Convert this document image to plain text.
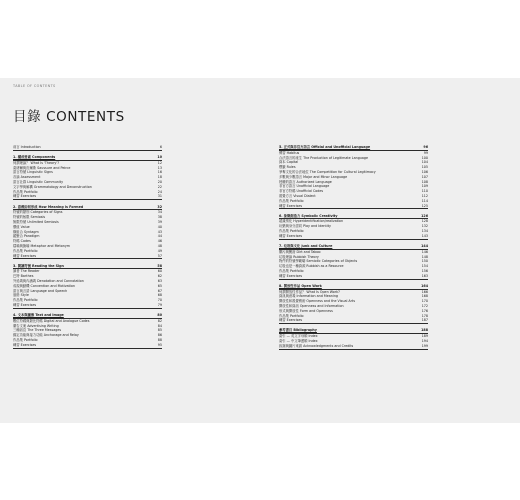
TABLE OF CONTENTS
目錄 CONTENTS
前言 Introduction	6
1. 構成要素 Components	10
何謂理論？ What Is 'Theory'?	12
索緒爾與皮爾斯 Saussure and Peirce	13
語言符號 Linguistic Signs	16
各論 Assessment	18
語言社群 Linguistic Community	20
文字學與解構 Grammatology and Deconstruction	22
作品集 Portfolio	24
練習 Exercises	31
2. 意義如何形成 How Meaning is Formed	32
符號的類別 Categories of Signs	34
符號的極限 Semiosis	38
無限符號 Unlimited Semiosis	39
價值 Value	40
橫組合 Syntagm	43
縱聚合 Paradigm	44
符碼 Codes	46
隱喻與換喻 Metaphor and Metonym	48
作品集 Portfolio	49
練習 Exercises	57
3. 閱讀符號 Reading the Sign	58
讀者 The Reader	60
巴特 Barthes	62
外延義與內涵義 Denotation and Connotation	63
成規與動機 Convention and Motivation	65
語言與言語 Language and Speech	67
風格 Style	68
作品集 Portfolio	70
練習 Exercises	79
4. 文本與圖像 Text and Image	80
數位符碼與類比符碼 Digital and Analogue Codes	82
廣告文案 Advertising Writing	84
三種訊息 The Three Messages	85
錨定功能與接力功能 Anchorage and Relay	86
作品集 Portfolio	88
練習 Exercises	95
5. 正式與非官方語言 Official and Unofficial Language	96
慣習 Habitus	99
合法語言的產生 The Production of Legitimate Language	100
資本 Capital	104
標籤 Rules	105
爭奪文化的合法地位 The Competition for Cultural Legitimacy	106
多數與少數語言 Major and Minor Language	107
授權的語言 Authorized Language	108
非官方語言 Unofficial Language	109
非官方符碼 Unofficial Codes	110
視覺方言 Visual Dialect	112
作品集 Portfolio	114
練習 Exercises	125
6. 象徵創造力 Symbolic Creativity	126
超識別化 Hyperidentification/realization	128
玩樂與身分認同 Play and Identity	132
作品集 Portfolio	134
練習 Exercises	143
7. 垃圾與文化 Junk and Culture	144
髒污與驚訝 Dirt and Taboo	146
垃圾理論 Rubbish Theory	148
物件的符號學範疇 Semiotic Categories of Objects	150
垃圾也是一種資源 Rubbish as a Resource	154
作品集 Portfolio	156
練習 Exercises	163
8. 開放性作品 Open Work	164
何謂開放性作品？ What Is Open Work?	166
資訊與意義 Information and Meaning	168
開放性和視覺藝術 Openness and the Visual Arts	170
開放性和資訊 Openness and Information	172
形式與開放性 Form and Openness	176
作品集 Portfolio	178
練習 Exercises	187
參考書目 Bibliography	188
索引 — 英文字母順 Index	189
索引 — 中文筆畫順 Index	194
致謝與圖片來源 Acknowledgments and Credits	199
